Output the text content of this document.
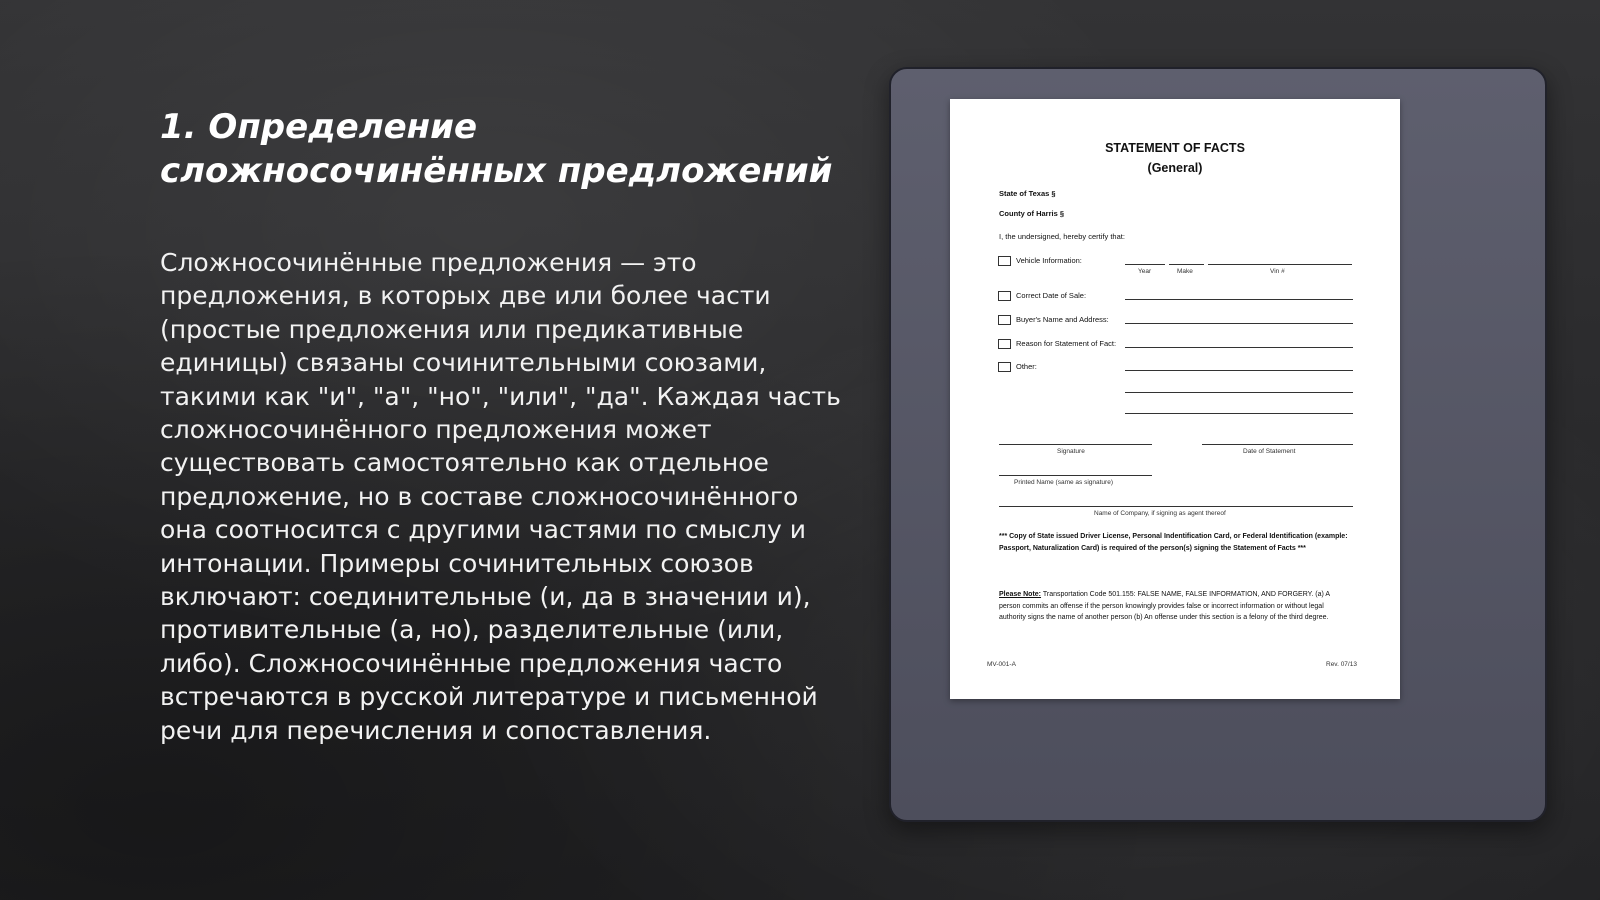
1. Определение сложносочинённых предложений

Сложносочинённые предложения — это предложения, в которых две или более части (простые предложения или предикативные единицы) связаны сочинительными союзами, такими как "и", "а", "но", "или", "да". Каждая часть сложносочинённого предложения может существовать самостоятельно как отдельное предложение, но в составе сложносочинённого она соотносится с другими частями по смыслу и интонации. Примеры сочинительных союзов включают: соединительные (и, да в значении и), противительные (а, но), разделительные (или, либо). Сложносочинённые предложения часто встречаются в русской литературе и письменной речи для перечисления и сопоставления.

STATEMENT OF FACTS
(General)
State of Texas §
County of Harris §
I, the undersigned, hereby certify that:
Vehicle Information:
Year	Make	Vin #
Correct Date of Sale:
Buyer's Name and Address:
Reason for Statement of Fact:
Other:
Signature	Date of Statement
Printed Name (same as signature)
Name of Company, if signing as agent thereof
*** Copy of State issued Driver License, Personal Indentification Card, or Federal Identification (example: Passport, Naturalization Card) is required of the person(s) signing the Statement of Facts ***
Please Note: Transportation Code 501.155: FALSE NAME, FALSE INFORMATION, AND FORGERY. (a) A person commits an offense if the person knowingly provides false or incorrect information or without legal authority signs the name of another person (b) An offense under this section is a felony of the third degree.
MV-001-A	Rev. 07/13
